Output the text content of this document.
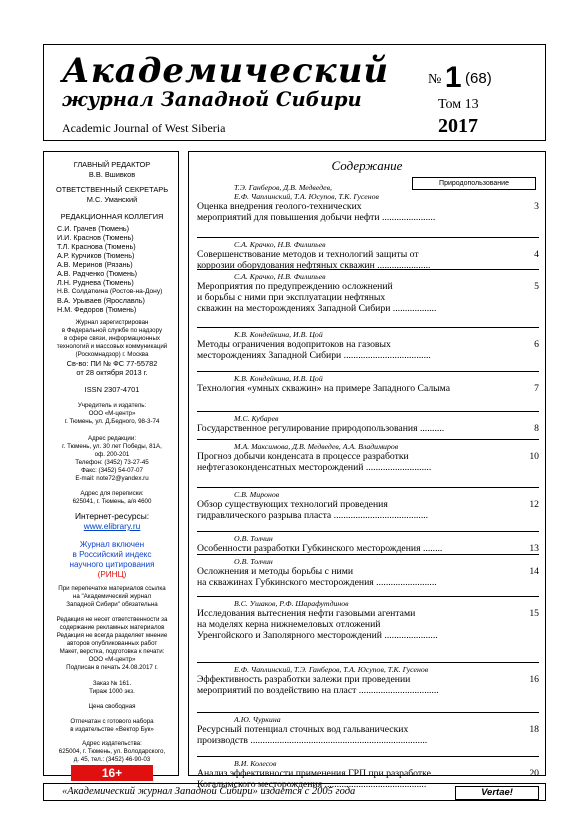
Академический
журнал Западной Сибири
Academic Journal of West Siberia
№ 1 (68)
Том 13
2017
ГЛАВНЫЙ РЕДАКТОР
В.В. Вшивков
ОТВЕТСТВЕННЫЙ СЕКРЕТАРЬ
М.С. Уманский
РЕДАКЦИОННАЯ КОЛЛЕГИЯ
С.И. Грачев (Тюмень)
И.И. Краснов (Тюмень)
Т.Л. Краснова (Тюмень)
А.Р. Курчиков (Тюмень)
А.В. Меринов (Рязань)
А.В. Радченко (Тюмень)
Л.Н. Руднева (Тюмень)
Н.В. Солдаткина (Ростов-на-Дону)
В.А. Урываев (Ярославль)
Н.М. Федоров (Тюмень)
Журнал зарегистрирован
в Федеральной службе по надзору
в сфере связи, информационных
технологий и массовых коммуникаций
(Роскомнадзор) г. Москва
Св-во: ПИ № ФС 77-55782
от 28 октября 2013 г.
ISSN 2307-4701
Учредитель и издатель:
ООО «М-центр»
г. Тюмень, ул. Д.Бедного, 98-3-74
Адрес редакции:
г. Тюмень, ул. 30 лет Победы, 81А,
оф. 200-201
Телефон: (3452) 73-27-45
Факс: (3452) 54-07-07
E-mail: note72@yandex.ru
Адрес для переписки:
625041, г. Тюмень, а/я 4600
Интернет-ресурсы:
www.elibrary.ru
Журнал включен
в Российский индекс
научного цитирования
(РИНЦ)
При перепечатке материалов ссылка
на "Академический журнал
Западной Сибири" обязательна
Редакция не несет ответственности за
содержание рекламных материалов
Редакция не всегда разделяет мнение
авторов опубликованных работ
Макет, верстка, подготовка к печати:
ООО «М-центр»
Подписан в печать 24.08.2017 г.
Заказ № 161.
Тираж 1000 экз.
Цена свободная
Отпечатан с готового набора
в издательстве «Вектор Бук»
Адрес издательства:
625004, г. Тюмень, ул. Володарского,
д. 45, тел.: (3452) 46-90-03
16+
Содержание
Природопользование
Т.Э. Ганберов, Д.В. Медведев,
Е.Ф. Чаплинский, Т.А. Юсупов, Т.К. Гусенов
3
Оценка внедрения геолого-технических
мероприятий для повышения добычи нефти ......................
С.А. Крачко, Н.В. Филипьев
4
Совершенствование методов и технологий защиты от
коррозии оборудования нефтяных скважин ......................
С.А. Крачко, Н.В. Филипьев
5
Мероприятия по предупреждению осложнений
и борьбы с ними при эксплуатации нефтяных
скважин на месторождениях Западной Сибири ..................
К.В. Кондейкина, И.В. Цой
6
Методы ограничения водопритоков на газовых
месторождениях Западной Сибири ....................................
К.В. Кондейкина, И.В. Цой
7
Технология «умных скважин» на примере Западного Салыма
М.С. Кубарев
8
Государственное регулирование природопользования ..........
М.А. Максимова, Д.В. Медведев, А.А. Владимиров
10
Прогноз добычи конденсата в процессе разработки
нефтегазоконденсатных месторождений ...........................
С.В. Миронов
12
Обзор существующих технологий проведения
гидравлического разрыва пласта .......................................
О.В. Толчин
13
Особенности разработки Губкинского месторождения ........
О.В. Толчин
14
Осложнения и методы борьбы с ними
на скважинах Губкинского месторождения .........................
В.С. Ушаков, Р.Ф. Шарафутдинов
15
Исследования вытеснения нефти газовыми агентами
на моделях керна нижнемеловых отложений
Уренгойского и Заполярного месторождений ......................
Е.Ф. Чаплинский, Т.Э. Ганберов, Т.А. Юсупов, Т.К. Гусенов
16
Эффективность разработки залежи при проведении
мероприятий по воздействию на пласт .................................
А.Ю. Чуркина
18
Ресурсный потенциал сточных вод гальванических
производств .........................................................................
В.И. Колесов
20
Анализ эффективности применения ГРП при разработке
Когалымского месторождения ..........................................
«Академический журнал Западной Сибири» издается с 2005 года	Vertae!
